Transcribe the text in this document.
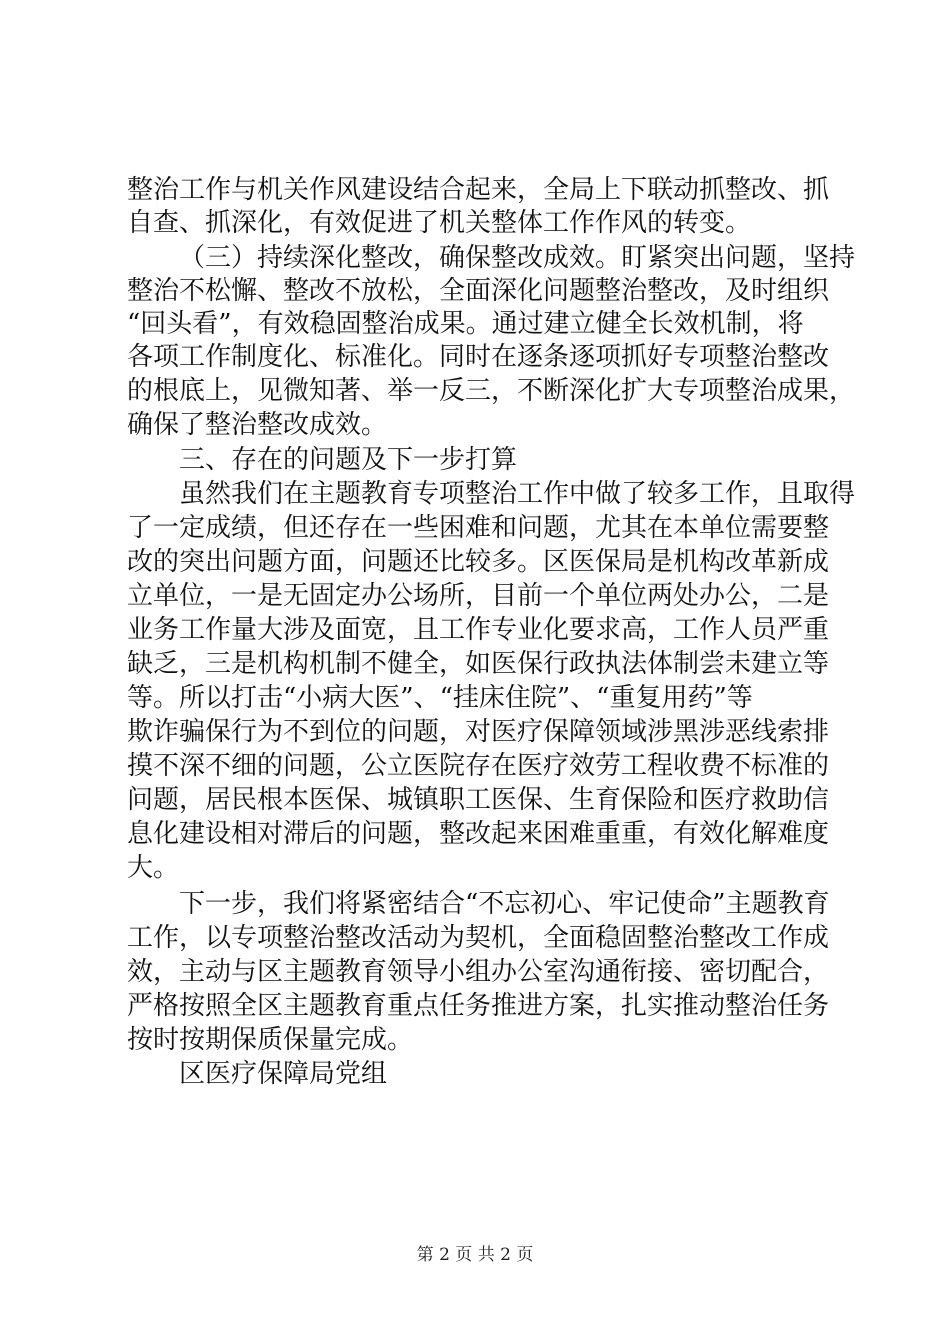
整治工作与机关作风建设结合起来，全局上下联动抓整改、抓
自查、抓深化，有效促进了机关整体工作作风的转变。
（三）持续深化整改，确保整改成效。盯紧突出问题，坚持
整治不松懈、整改不放松，全面深化问题整治整改，及时组织
“回头看”，有效稳固整治成果。通过建立健全长效机制，将
各项工作制度化、标准化。同时在逐条逐项抓好专项整治整改
的根底上，见微知著、举一反三，不断深化扩大专项整治成果，
确保了整治整改成效。
三、存在的问题及下一步打算
虽然我们在主题教育专项整治工作中做了较多工作，且取得
了一定成绩，但还存在一些困难和问题，尤其在本单位需要整
改的突出问题方面，问题还比较多。区医保局是机构改革新成
立单位，一是无固定办公场所，目前一个单位两处办公，二是
业务工作量大涉及面宽，且工作专业化要求高，工作人员严重
缺乏，三是机构机制不健全，如医保行政执法体制尝未建立等
等。所以打击“小病大医”、“挂床住院”、“重复用药”等
欺诈骗保行为不到位的问题，对医疗保障领域涉黑涉恶线索排
摸不深不细的问题，公立医院存在医疗效劳工程收费不标准的
问题，居民根本医保、城镇职工医保、生育保险和医疗救助信
息化建设相对滞后的问题，整改起来困难重重，有效化解难度
大。
下一步，我们将紧密结合“不忘初心、牢记使命”主题教育
工作，以专项整治整改活动为契机，全面稳固整治整改工作成
效，主动与区主题教育领导小组办公室沟通衔接、密切配合，
严格按照全区主题教育重点任务推进方案，扎实推动整治任务
按时按期保质保量完成。
区医疗保障局党组
第 2 页 共 2 页
